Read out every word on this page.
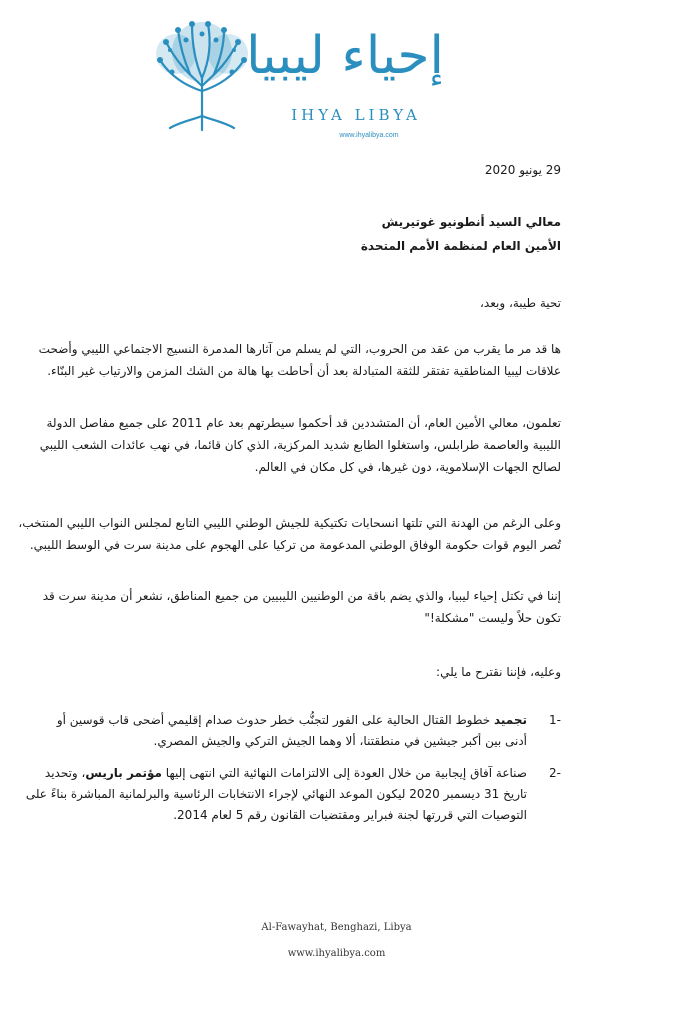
إحياء ليبيا
IHYA LIBYA
www.ihyalibya.com
29 يونيو 2020
معالي السيد أنطونيو غوتيريش
الأمين العام لمنظمة الأمم المتحدة
تحية طيبة، وبعد،
ها قد مر ما يقرب من عقد من الحروب، التي لم يسلم من آثارها المدمرة النسيج الاجتماعي الليبي وأضحت
علاقات ليبيا المناطقية تفتقر للثقة المتبادلة بعد أن أحاطت بها هالة من الشك المزمن والارتياب غير البنّاء.
تعلمون، معالي الأمين العام، أن المتشددين قد أحكموا سيطرتهم بعد عام 2011 على جميع مفاصل الدولة
الليبية والعاصمة طرابلس، واستغلوا الطابع شديد المركزية، الذي كان قائما، في نهب عائدات الشعب الليبي
لصالح الجهات الإسلاموية، دون غيرها، في كل مكان في العالم.
وعلى الرغم من الهدنة التي تلتها انسحابات تكتيكية للجيش الوطني الليبي التابع لمجلس النواب الليبي المنتخب،
تُصر اليوم قوات حكومة الوفاق الوطني المدعومة من تركيا على الهجوم على مدينة سرت في الوسط الليبي.
إننا في تكتل إحياء ليبيا، والذي يضم باقة من الوطنيين الليبيين من جميع المناطق، نشعر أن مدينة سرت قد
تكون حلاً وليست "مشكلة!"
وعليه، فإننا نقترح ما يلي:
-1
تجميد خطوط القتال الحالية على الفور لتجنُّب خطر حدوث صدام إقليمي أضحى قاب قوسين أو
أدنى بين أكبر جيشين في منطقتنا، ألا وهما الجيش التركي والجيش المصري.
-2
صناعة آفاق إيجابية من خلال العودة إلى الالتزامات النهائية التي انتهى إليها مؤتمر باريس، وتحديد
تاريخ 31 ديسمبر 2020 ليكون الموعد النهائي لإجراء الانتخابات الرئاسية والبرلمانية المباشرة بناءً على
التوصيات التي قررتها لجنة فبراير ومقتضيات القانون رقم 5 لعام 2014.
Al-Fawayhat, Benghazi, Libya
www.ihyalibya.com
